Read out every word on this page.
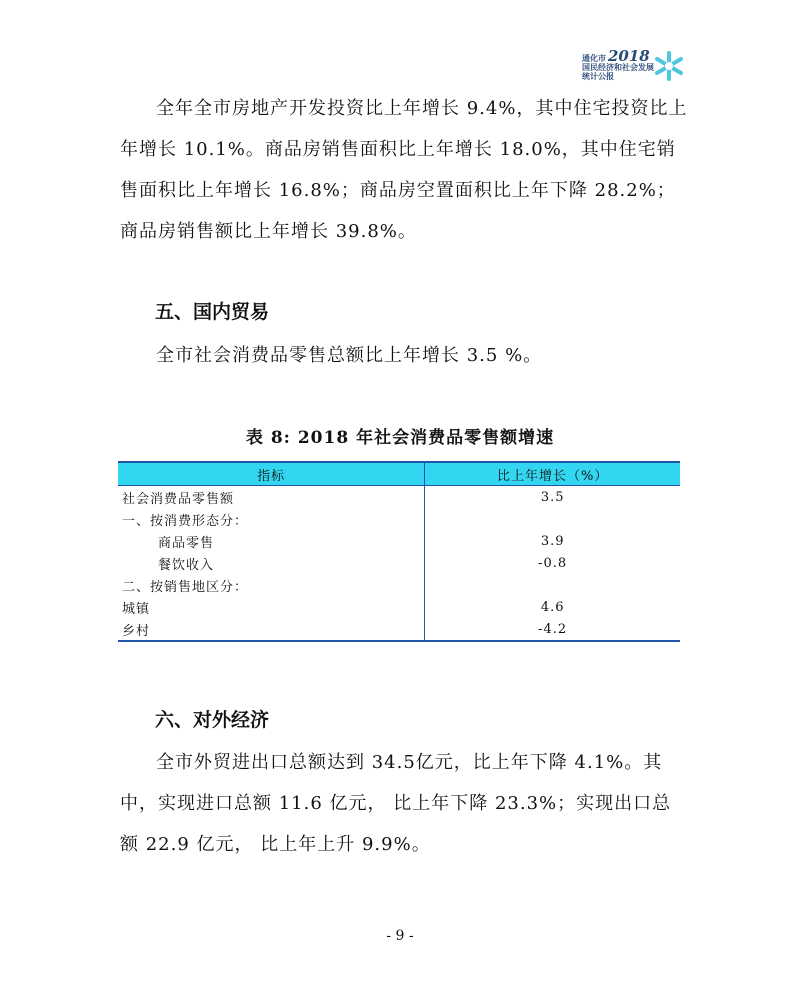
2018
通化市
国民经济和社会发展
统计公报
全年全市房地产开发投资比上年增长 9.4%，其中住宅投资比上年增长 10.1%。商品房销售面积比上年增长 18.0%，其中住宅销售面积比上年增长 16.8%；商品房空置面积比上年下降 28.2%；商品房销售额比上年增长 39.8%。
五、国内贸易
全市社会消费品零售总额比上年增长 3.5 %。
表 8: 2018 年社会消费品零售额增速
指标	比上年增长（%）
社会消费品零售额	3.5
一、按消费形态分：	
商品零售	3.9
餐饮收入	-0.8
二、按销售地区分：	
城镇	4.6
乡村	-4.2
六、对外经济
全市外贸进出口总额达到 34.5亿元，比上年下降 4.1%。其中，实现进口总额 11.6 亿元， 比上年下降 23.3%；实现出口总额 22.9 亿元， 比上年上升 9.9%。
- 9 -
